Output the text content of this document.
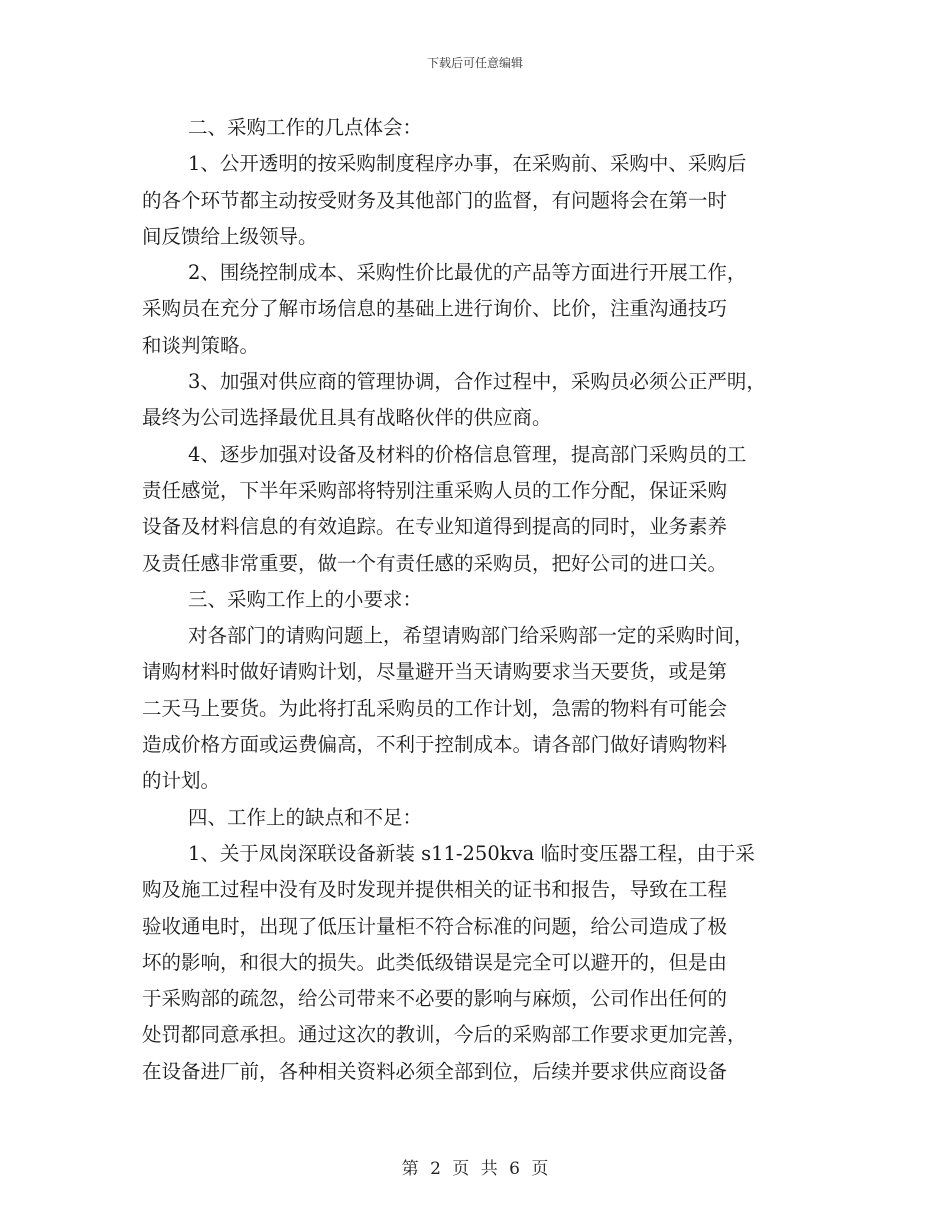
下载后可任意编辑
二、采购工作的几点体会：
1、公开透明的按采购制度程序办事，在采购前、采购中、采购后
的各个环节都主动按受财务及其他部门的监督，有问题将会在第一时
间反馈给上级领导。
2、围绕控制成本、采购性价比最优的产品等方面进行开展工作，
采购员在充分了解市场信息的基础上进行询价、比价，注重沟通技巧
和谈判策略。
3、加强对供应商的管理协调，合作过程中，采购员必须公正严明，
最终为公司选择最优且具有战略伙伴的供应商。
4、逐步加强对设备及材料的价格信息管理，提高部门采购员的工
责任感觉，下半年采购部将特别注重采购人员的工作分配，保证采购
设备及材料信息的有效追踪。在专业知道得到提高的同时，业务素养
及责任感非常重要，做一个有责任感的采购员，把好公司的进口关。
三、采购工作上的小要求：
对各部门的请购问题上，希望请购部门给采购部一定的采购时间，
请购材料时做好请购计划，尽量避开当天请购要求当天要货，或是第
二天马上要货。为此将打乱采购员的工作计划，急需的物料有可能会
造成价格方面或运费偏高，不利于控制成本。请各部门做好请购物料
的计划。
四、工作上的缺点和不足：
1、关于凤岗深联设备新装 s11-250kva 临时变压器工程，由于采
购及施工过程中没有及时发现并提供相关的证书和报告，导致在工程
验收通电时，出现了低压计量柜不符合标准的问题，给公司造成了极
坏的影响，和很大的损失。此类低级错误是完全可以避开的，但是由
于采购部的疏忽，给公司带来不必要的影响与麻烦，公司作出任何的
处罚都同意承担。通过这次的教训，今后的采购部工作要求更加完善，
在设备进厂前，各种相关资料必须全部到位，后续并要求供应商设备
第 2 页 共 6 页
